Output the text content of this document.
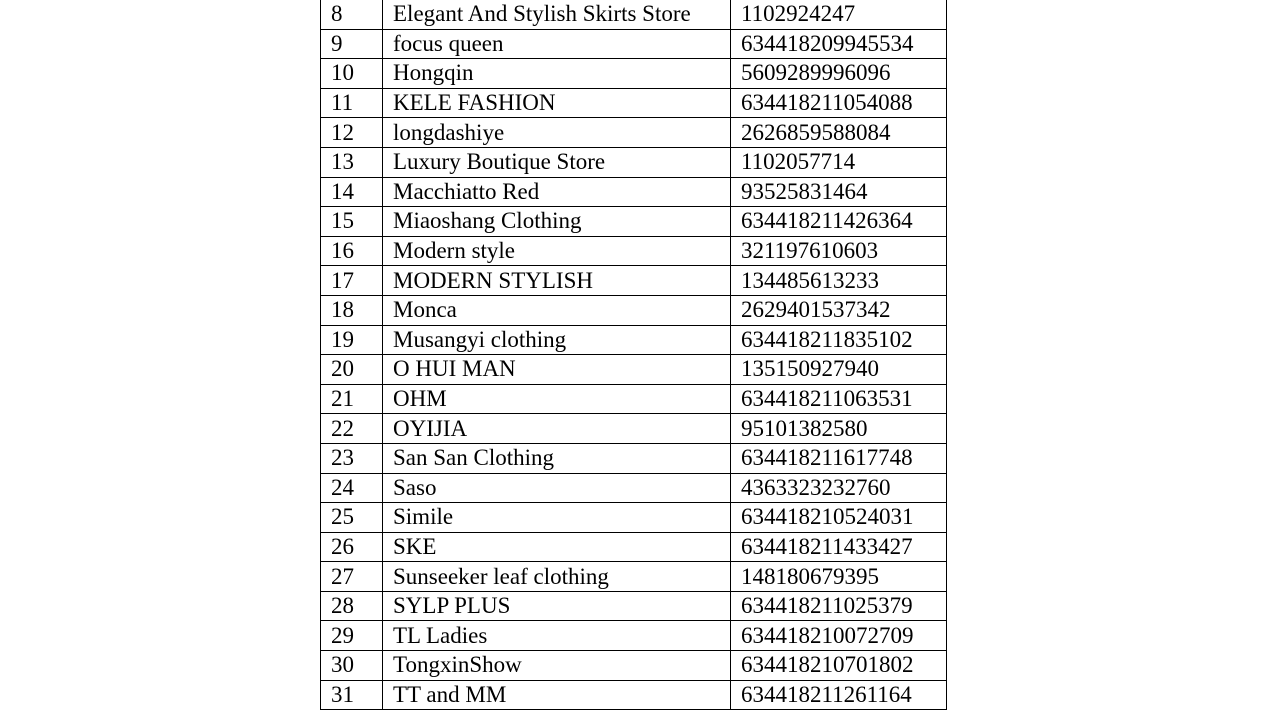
8	Elegant And Stylish Skirts Store	1102924247
9	focus queen	634418209945534
10	Hongqin	5609289996096
11	KELE FASHION	634418211054088
12	longdashiye	2626859588084
13	Luxury Boutique Store	1102057714
14	Macchiatto Red	93525831464
15	Miaoshang Clothing	634418211426364
16	Modern style	321197610603
17	MODERN STYLISH	134485613233
18	Monca	2629401537342
19	Musangyi clothing	634418211835102
20	O HUI MAN	135150927940
21	OHM	634418211063531
22	OYIJIA	95101382580
23	San San Clothing	634418211617748
24	Saso	4363323232760
25	Simile	634418210524031
26	SKE	634418211433427
27	Sunseeker leaf clothing	148180679395
28	SYLP PLUS	634418211025379
29	TL Ladies	634418210072709
30	TongxinShow	634418210701802
31	TT and MM	634418211261164
